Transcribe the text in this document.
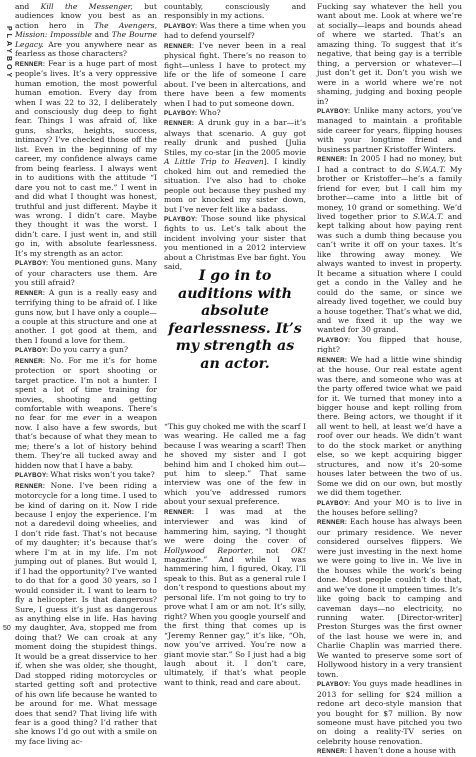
PLAYBOY
50

and Kill the Messenger, but audiences know you best as an action hero in The Avengers, Mission: Impossible and The Bourne Legacy. Are you anywhere near as fearless as those characters?

RENNER: Fear is a huge part of most people’s lives. It’s a very oppressive human emotion, the most powerful human emotion. Every day from when I was 22 to 32, I deliberately and consciously dug deep to fight fear. Things I was afraid of, like guns, sharks, heights, success, intimacy? I’ve checked those off the list. Even in the beginning of my career, my confidence always came from being fearless. I always went in to auditions with the attitude “I dare you not to cast me.” I went in and did what I thought was honest, truthful and just different. Maybe it was wrong. I didn’t care. Maybe they thought it was the worst. I didn’t care. I just went in, and still go in, with absolute fearlessness. It’s my strength as an actor.

PLAYBOY: You mentioned guns. Many of your characters use them. Are you still afraid?

RENNER: A gun is a really easy and terrifying thing to be afraid of. I like guns now, but I have only a couple—a couple at this structure and one at another. I got good at them, and then I found a love for them.

PLAYBOY: Do you carry a gun?

RENNER: No. For me it’s for home protection or sport shooting or target practice. I’m not a hunter. I spent a lot of time training for movies, shooting and getting comfortable with weapons. There’s no fear for me ever in a weapon now. I also have a few swords, but that’s because of what they mean to me; there’s a lot of history behind them. They’re all tucked away and hidden now that I have a baby.

PLAYBOY: What risks won’t you take?

RENNER: None. I’ve been riding a motorcycle for a long time. I used to be kind of daring on it. Now I ride because I enjoy the experience. I’m not a daredevil doing wheelies, and I don’t ride fast. That’s not because of my daughter; it’s because that’s where I’m at in my life. I’m not jumping out of planes. But would I, if I had the opportunity? I’ve wanted to do that for a good 30 years, so I would consider it. I want to learn to fly a helicopter. Is that dangerous? Sure, I guess it’s just as dangerous as anything else in life. Has having my daughter, Ava, stopped me from doing that? We can croak at any moment doing the stupidest things. It would be a great disservice to her if, when she was older, she thought, Dad stopped riding motorcycles or started getting soft and protective of his own life because he wanted to be around for me. What message does that send? That living life with fear is a good thing? I’d rather that she knows I’d go out with a smile on my face living ac-

countably, consciously and responsibly in my actions.

PLAYBOY: Was there a time when you had to defend yourself?

RENNER: I’ve never been in a real physical fight. There’s no reason to fight—unless I have to protect my life or the life of someone I care about. I’ve been in altercations, and there have been a few moments when I had to put someone down.

PLAYBOY: Who?

RENNER: A drunk guy in a bar—it’s always that scenario. A guy got really drunk and pushed [Julia Stiles, my co-star [in the 2005 movie A Little Trip to Heaven]. I kindly choked him out and remedied the situation. I’ve also had to choke people out because they pushed my mom or knocked my sister down, but I’ve never felt like a badass.

PLAYBOY: Those sound like physical fights to us. Let’s talk about the incident involving your sister that you mentioned in a 2012 interview about a Christmas Eve bar fight. You said,

“This guy choked me with the scarf I was wearing. He called me a fag because I was wearing a scarf! Then he shoved my sister and I got behind him and I choked him out—put him to sleep.” That same interview was one of the few in which you’ve addressed rumors about your sexual preference.

RENNER: I was mad at the interviewer and was kind of hammering him, saying, “I thought we were doing the cover of Hollywood Reporter, not OK! magazine.” And while I was hammering him, I figured, Okay, I’ll speak to this. But as a general rule I don’t respond to questions about my personal life. I’m not going to try to prove what I am or am not. It’s silly, right? When you google yourself and the first thing that comes up is “Jeremy Renner gay,” it’s like, “Oh, now you’ve arrived. You’re now a giant movie star.” So I just had a big laugh about it. I don’t care, ultimately, if that’s what people want to think, read and care about.

I go in to auditions with absolute fearlessness. It’s my strength as an actor.

Fucking say whatever the hell you want about me. Look at where we’re at socially—leaps and bounds ahead of where we started. That’s an amazing thing. To suggest that it’s negative, that being gay is a terrible thing, a perversion or whatever—I just don’t get it. Don’t you wish we were in a world where we’re not shaming, judging and boxing people in?

PLAYBOY: Unlike many actors, you’ve managed to maintain a profitable side career for years, flipping houses with your longtime friend and business partner Kristoffer Winters.

RENNER: In 2005 I had no money, but I had a contract to do S.W.A.T. My brother or Kristoffer—he’s a family friend for ever, but I call him my brother—came into a little bit of money, 10 grand or something. We’d lived together prior to S.W.A.T. and kept talking about how paying rent was such a dumb thing because you can’t write it off on your taxes. It’s like throwing away money. We always wanted to invest in property. It became a situation where I could get a condo in the Valley and he could do the same, or since we already lived together, we could buy a house together. That’s what we did, and we fixed it up the way we wanted for 30 grand.

PLAYBOY: You flipped that house, right?

RENNER: We had a little wine shindig at the house. Our real estate agent was there, and someone who was at the party offered twice what we paid for it. We turned that money into a bigger house and kept rolling from there. Being actors, we thought if it all went to hell, at least we’d have a roof over our heads. We didn’t want to do the stock market or anything else, so we kept acquiring bigger structures, and now it’s 20-some houses later between the two of us. Some we did on our own, but mostly we did them together.

PLAYBOY: And your MO is to live in the houses before selling?

RENNER: Each house has always been our primary residence. We never considered ourselves flippers. We were just investing in the next home we were going to live in. We live in the houses while the work’s being done. Most people couldn’t do that, and we’ve done it umpteen times. It’s like going back to camping and caveman days—no electricity, no running water. [Director-writer] Preston Sturges was the first owner of the last house we were in, and Charlie Chaplin was married there. We wanted to preserve some sort of Hollywood history in a very transient town.

PLAYBOY: You guys made headlines in 2013 for selling for $24 million a redone art deco-style mansion that you bought for $7 million. By now someone must have pitched you two on doing a reality-TV series on celebrity house renovation.

RENNER: I haven’t done a house with
